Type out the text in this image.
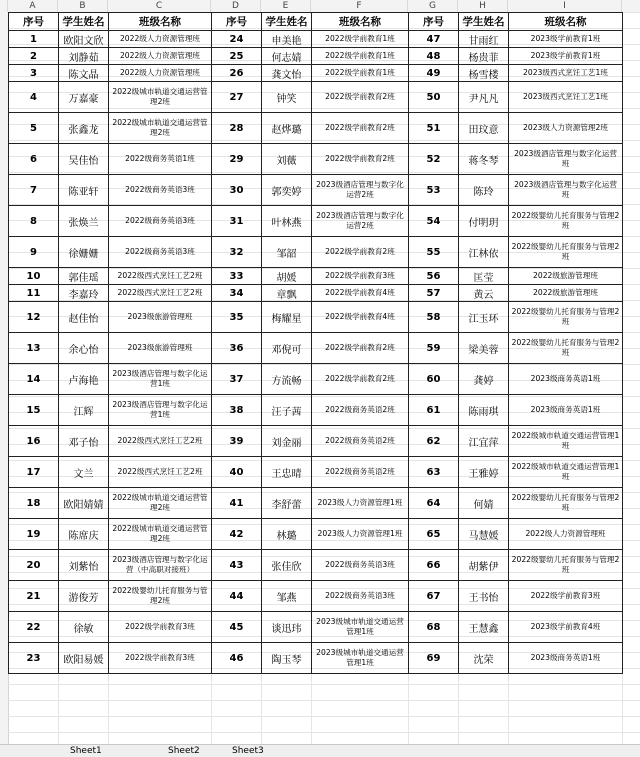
A	B	C	D	E	F	G	H	I
序号	学生姓名	班级名称	序号	学生姓名	班级名称	序号	学生姓名	班级名称
1	欧阳文欣	2022级人力资源管理班	24	申美艳	2022级学前教育1班	47	甘雨红	2023级学前教育1班
2	刘静茹	2022级人力资源管理班	25	何志婧	2022级学前教育1班	48	杨贵菲	2023级学前教育1班
3	陈文晶	2022级人力资源管理班	26	龚文怡	2022级学前教育1班	49	杨雪楼	2023级西式烹饪工艺1班
4	万嘉豪	2022级城市轨道交通运营管理2班	27	钟笑	2022级学前教育2班	50	尹凡凡	2023级西式烹饪工艺1班
5	张鑫龙	2022级城市轨道交通运营管理2班	28	赵烨璐	2022级学前教育2班	51	田玟意	2023级人力资源管理2班
6	吴佳怡	2022级商务英语1班	29	刘薇	2022级学前教育2班	52	蒋冬琴	2023级酒店管理与数字化运营班
7	陈亚轩	2022级商务英语3班	30	郭奕婷	2023级酒店管理与数字化运营2班	53	陈玲	2023级酒店管理与数字化运营班
8	张焕兰	2022级商务英语3班	31	叶林燕	2023级酒店管理与数字化运营2班	54	付明玥	2022级婴幼儿托育服务与管理2班
9	徐姗姗	2022级商务英语3班	32	邹韶	2022级学前教育2班	55	江林依	2022级婴幼儿托育服务与管理2班
10	郭佳瑶	2022级西式烹饪工艺2班	33	胡媛	2022级学前教育3班	56	匡莹	2022级旅游管理班
11	李嘉玲	2022级西式烹饪工艺2班	34	章飘	2022级学前教育4班	57	黄云	2022级旅游管理班
12	赵佳怡	2023级旅游管理班	35	梅耀星	2022级学前教育4班	58	江玉环	2022级婴幼儿托育服务与管理2班
13	余心怡	2023级旅游管理班	36	邓倪可	2022级学前教育2班	59	梁美蓉	2022级婴幼儿托育服务与管理2班
14	卢海艳	2023级酒店管理与数字化运营1班	37	方流畅	2022级学前教育2班	60	龚婷	2023级商务英语1班
15	江辉	2023级酒店管理与数字化运营1班	38	汪子茜	2022级商务英语2班	61	陈雨琪	2023级商务英语1班
16	邓子怡	2022级西式烹饪工艺2班	39	刘金丽	2022级商务英语2班	62	江宜萍	2022级城市轨道交通运营管理1班
17	文兰	2022级西式烹饪工艺2班	40	王忠晴	2022级商务英语2班	63	王雅婷	2022级城市轨道交通运营管理1班
18	欧阳婧婧	2022级城市轨道交通运营管理2班	41	李舒蕾	2023级人力资源管理1班	64	何婧	2022级婴幼儿托育服务与管理2班
19	陈席庆	2022级城市轨道交通运营管理2班	42	林璐	2023级人力资源管理1班	65	马慧媛	2022级人力资源管理班
20	刘紫怡	2023级酒店管理与数字化运营（中高职对接班）	43	张佳欣	2022级商务英语3班	66	胡紫伊	2022级婴幼儿托育服务与管理2班
21	游俊芳	2022级婴幼儿托育服务与管理2班	44	邹燕	2022级商务英语3班	67	王书怡	2022级学前教育3班
22	徐敏	2022级学前教育3班	45	谈迅玮	2023级城市轨道交通运营管理1班	68	王慧鑫	2023级学前教育4班
23	欧阳易媛	2022级学前教育3班	46	陶玉琴	2023级城市轨道交通运营管理1班	69	沈荣	2023级商务英语1班
Sheet1	Sheet2	Sheet3
